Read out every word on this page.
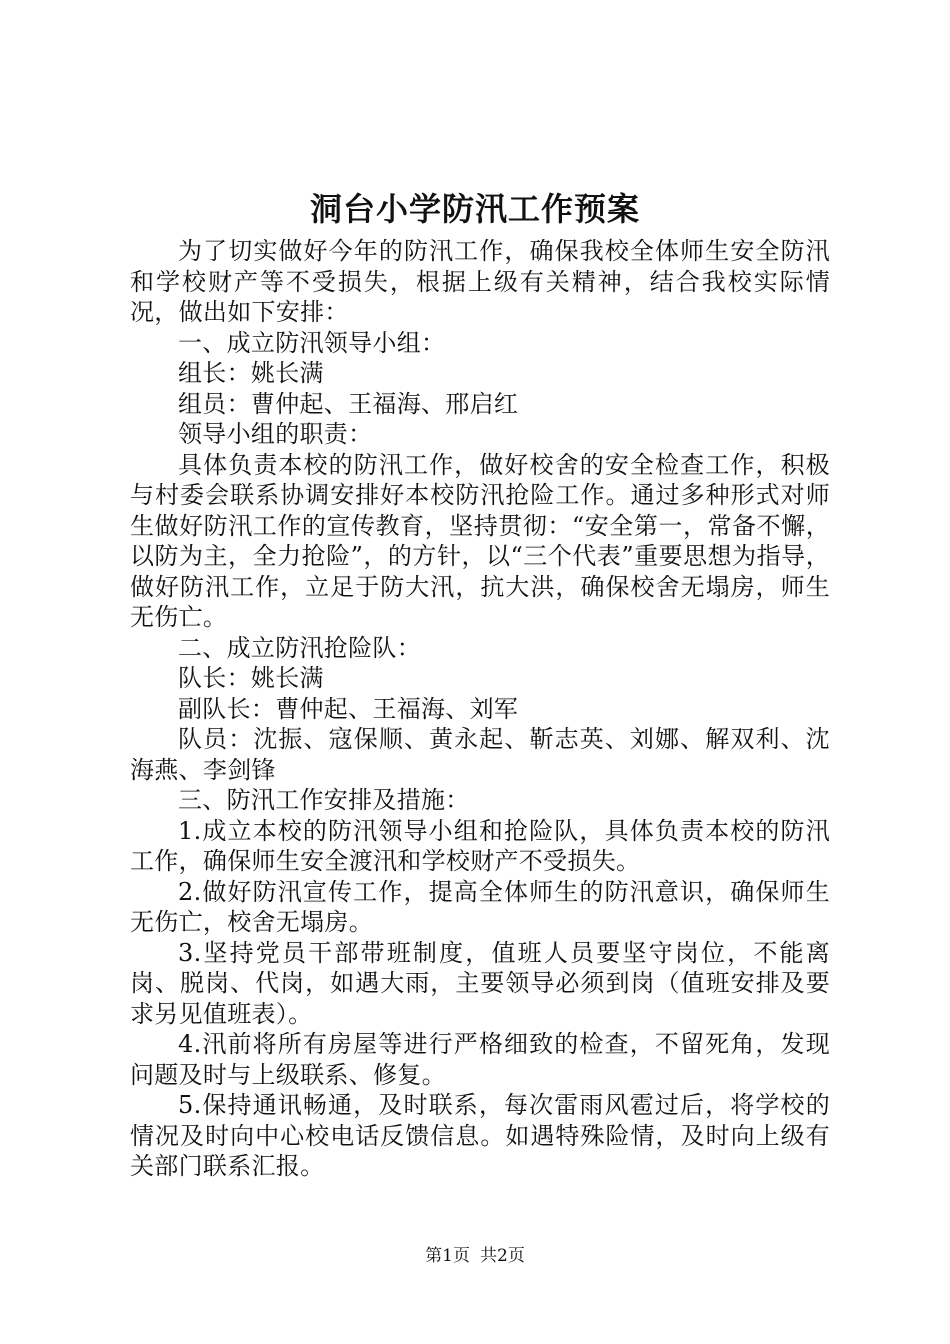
洞台小学防汛工作预案

为了切实做好今年的防汛工作，确保我校全体师生安全防汛和学校财产等不受损失，根据上级有关精神，结合我校实际情况，做出如下安排：

一、成立防汛领导小组：

组长：姚长满

组员：曹仲起、王福海、邢启红

领导小组的职责：

具体负责本校的防汛工作，做好校舍的安全检查工作，积极与村委会联系协调安排好本校防汛抢险工作。通过多种形式对师生做好防汛工作的宣传教育，坚持贯彻：“安全第一，常备不懈，以防为主，全力抢险”，的方针，以“三个代表”重要思想为指导，做好防汛工作，立足于防大汛，抗大洪，确保校舍无塌房，师生无伤亡。

二、成立防汛抢险队：

队长：姚长满

副队长：曹仲起、王福海、刘军

队员：沈振、寇保顺、黄永起、靳志英、刘娜、解双利、沈海燕、李剑锋

三、防汛工作安排及措施：

1.成立本校的防汛领导小组和抢险队，具体负责本校的防汛工作，确保师生安全渡汛和学校财产不受损失。

2.做好防汛宣传工作，提高全体师生的防汛意识，确保师生无伤亡，校舍无塌房。

3.坚持党员干部带班制度，值班人员要坚守岗位，不能离岗、脱岗、代岗，如遇大雨，主要领导必须到岗（值班安排及要求另见值班表）。

4.汛前将所有房屋等进行严格细致的检查，不留死角，发现问题及时与上级联系、修复。

5.保持通讯畅通，及时联系，每次雷雨风雹过后，将学校的情况及时向中心校电话反馈信息。如遇特殊险情，及时向上级有关部门联系汇报。

第1页 共2页
